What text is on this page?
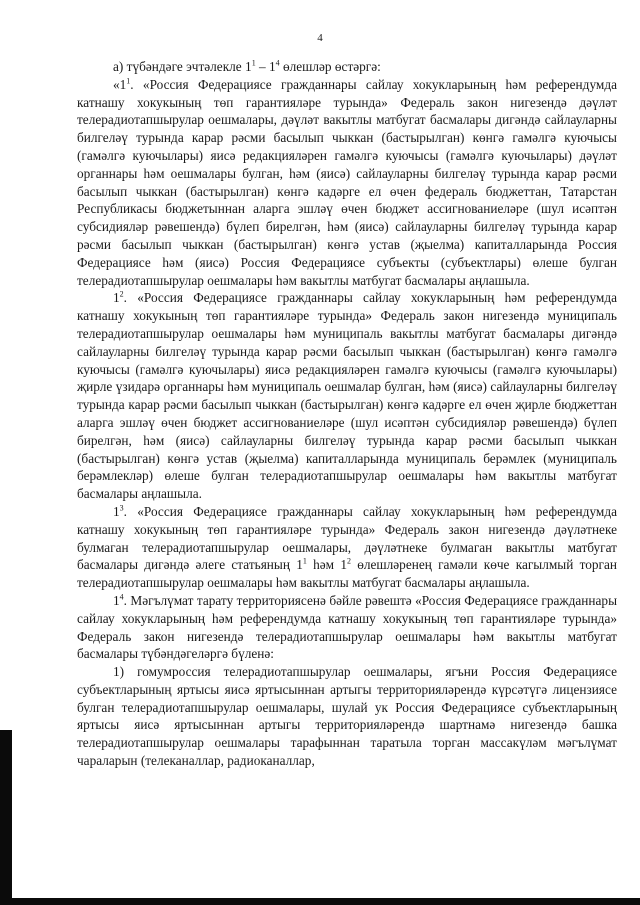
4

а) түбәндәге эчтәлекле $1^1 - 1^4$ өлешләр өстәргә:

«$1^1$. «Россия Федерациясе гражданнары сайлау хокукларының һәм референдумда катнашу хокукының төп гарантияләре турында» Федераль закон нигезендә дәүләт телерадиотапшырулар оешмалары, дәүләт вакытлы матбугат басмалары дигәндә сайлауларны билгеләү турында карар рәсми басылып чыккан (бастырылган) көнгә гамәлгә куючысы (гамәлгә куючылары) яисә редакцияләрен гамәлгә куючысы (гамәлгә куючылары) дәүләт органнары һәм оешмалары булган, һәм (яисә) сайлауларны билгеләү турында карар рәсми басылып чыккан (бастырылган) көнгә кадәрге ел өчен федераль бюджеттан, Татарстан Республикасы бюджетыннан аларга эшләү өчен бюджет ассигнованиеләре (шул исәптән субсидияләр рәвешендә) бүлеп бирелгән, һәм (яисә) сайлауларны билгеләү турында карар рәсми басылып чыккан (бастырылган) көнгә устав (җыелма) капиталларында Россия Федерациясе һәм (яисә) Россия Федерациясе субъекты (субъектлары) өлеше булган телерадиотапшырулар оешмалары һәм вакытлы матбугат басмалары аңлашыла.

$1^2$. «Россия Федерациясе гражданнары сайлау хокукларының һәм референдумда катнашу хокукының төп гарантияләре турында» Федераль закон нигезендә муниципаль телерадиотапшырулар оешмалары һәм муниципаль вакытлы матбугат басмалары дигәндә сайлауларны билгеләү турында карар рәсми басылып чыккан (бастырылган) көнгә гамәлгә куючысы (гамәлгә куючылары) яисә редакцияләрен гамәлгә куючысы (гамәлгә куючылары) җирле үзидарә органнары һәм муниципаль оешмалар булган, һәм (яисә) сайлауларны билгеләү турында карар рәсми басылып чыккан (бастырылган) көнгә кадәрге ел өчен җирле бюджеттан аларга эшләү өчен бюджет ассигнованиеләре (шул исәптән субсидияләр рәвешендә) бүлеп бирелгән, һәм (яисә) сайлауларны билгеләү турында карар рәсми басылып чыккан (бастырылган) көнгә устав (җыелма) капиталларында муниципаль берәмлек (муниципаль берәмлекләр) өлеше булган телерадиотапшырулар оешмалары һәм вакытлы матбугат басмалары аңлашыла.

$1^3$. «Россия Федерациясе гражданнары сайлау хокукларының һәм референдумда катнашу хокукының төп гарантияләре турында» Федераль закон нигезендә дәүләтнеке булмаган телерадиотапшырулар оешмалары, дәүләтнеке булмаган вакытлы матбугат басмалары дигәндә әлеге статьяның $1^1$ һәм $1^2$ өлешләренең гамәли көче кагылмый торган телерадиотапшырулар оешмалары һәм вакытлы матбугат басмалары аңлашыла.

$1^4$. Мәгълүмат тарату территориясенә бәйле рәвештә «Россия Федерациясе гражданнары сайлау хокукларының һәм референдумда катнашу хокукының төп гарантияләре турында» Федераль закон нигезендә телерадиотапшырулар оешмалары һәм вакытлы матбугат басмалары түбәндәгеләргә бүленә:

1) гомумроссия телерадиотапшырулар оешмалары, ягъни Россия Федерациясе субъектларының яртысы яисә яртысыннан артыгы территорияләрендә күрсәтүгә лицензиясе булган телерадиотапшырулар оешмалары, шулай ук Россия Федерациясе субъектларының яртысы яисә яртысыннан артыгы территорияләрендә шартнамә нигезендә башка телерадиотапшырулар оешмалары тарафыннан таратыла торган массакүләм мәгълүмат чараларын (телеканаллар, радиоканаллар,
